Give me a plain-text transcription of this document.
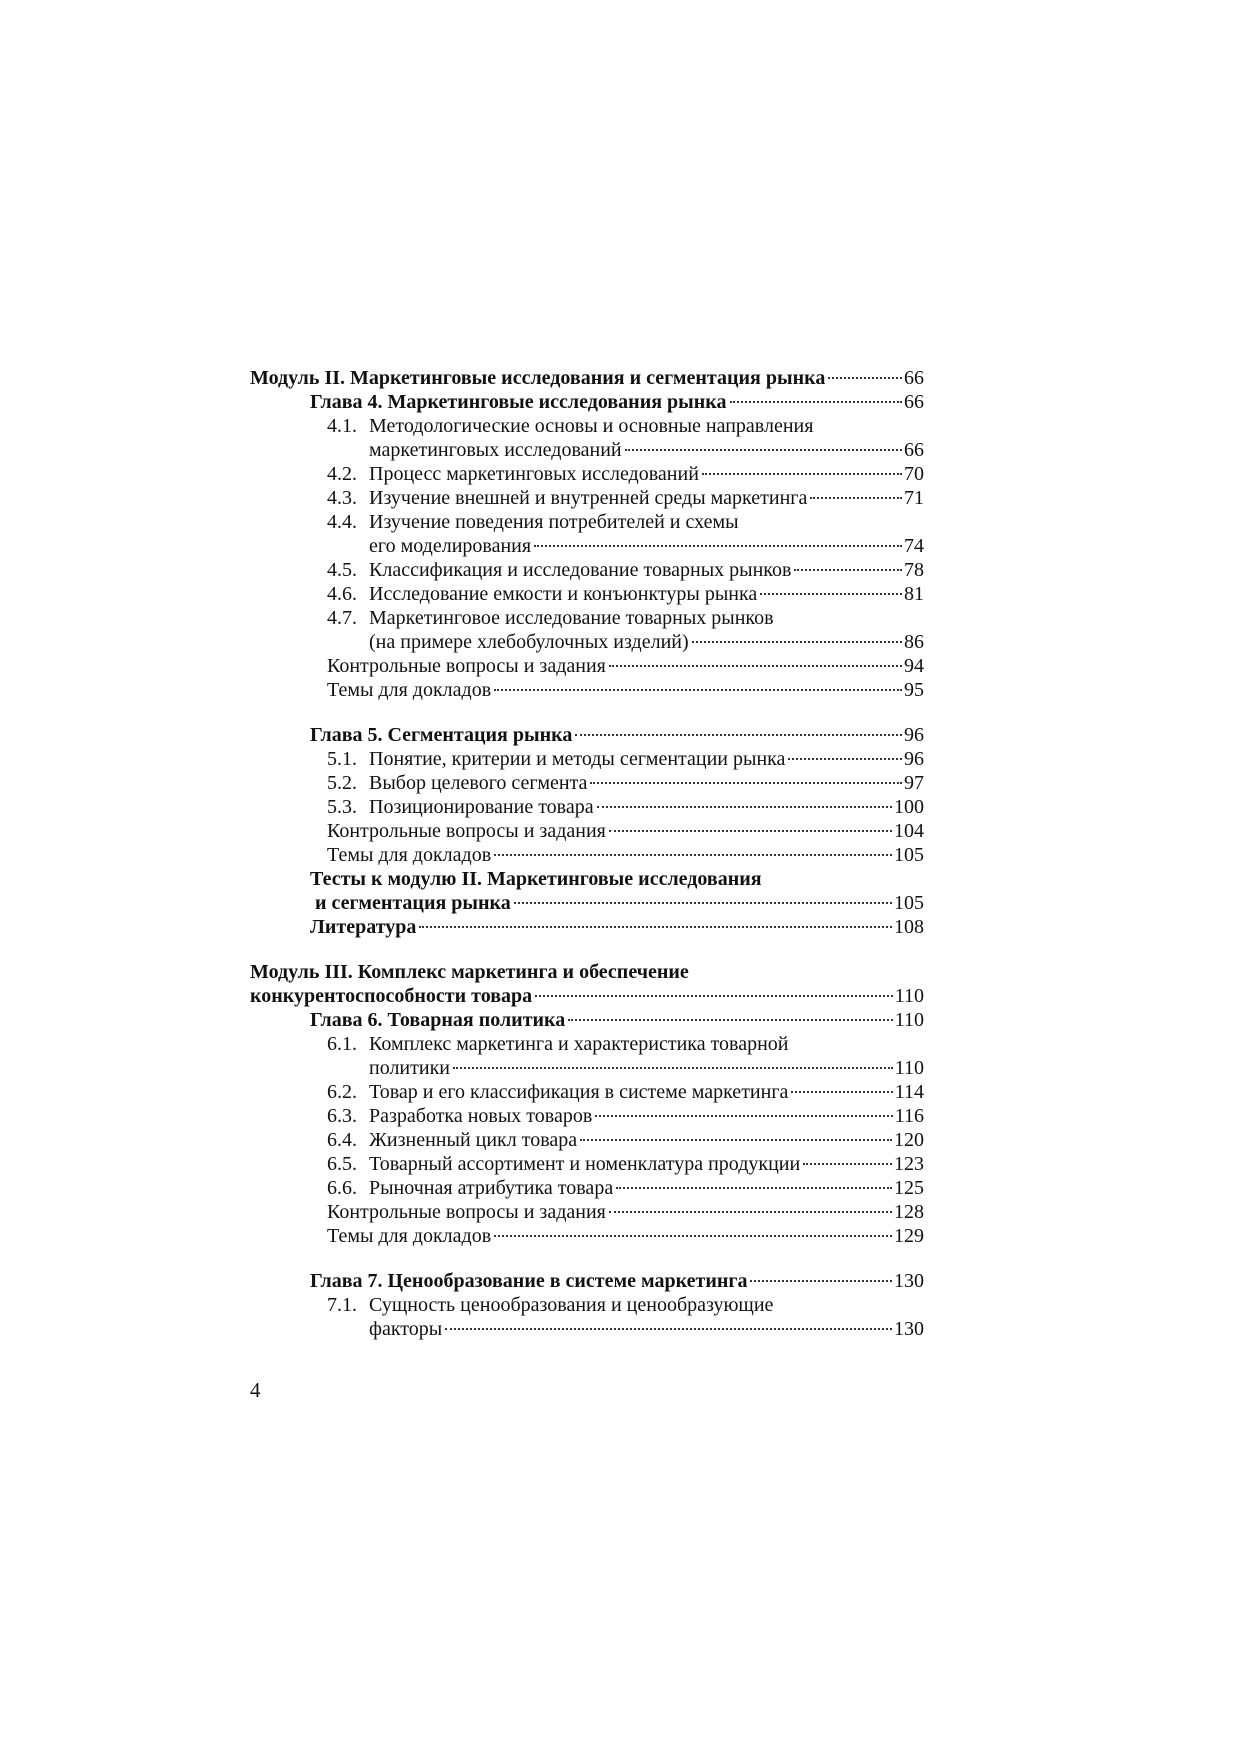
Модуль II. Маркетинговые исследования и сегментация рынка	66
Глава 4. Маркетинговые исследования рынка	66
4.1. Методологические основы и основные направления
маркетинговых исследований	66
4.2. Процесс маркетинговых исследований	70
4.3. Изучение внешней и внутренней среды маркетинга	71
4.4. Изучение поведения потребителей и схемы
его моделирования	74
4.5. Классификация и исследование товарных рынков	78
4.6. Исследование емкости и конъюнктуры рынка	81
4.7. Маркетинговое исследование товарных рынков
(на примере хлебобулочных изделий)	86
Контрольные вопросы и задания	94
Темы для докладов	95
Глава 5. Сегментация рынка	96
5.1. Понятие, критерии и методы сегментации рынка	96
5.2. Выбор целевого сегмента	97
5.3. Позиционирование товара	100
Контрольные вопросы и задания	104
Темы для докладов	105
Тесты к модулю II. Маркетинговые исследования
и сегментация рынка	105
Литература	108
Модуль III. Комплекс маркетинга и обеспечение
конкурентоспособности товара	110
Глава 6. Товарная политика	110
6.1. Комплекс маркетинга и характеристика товарной
политики	110
6.2. Товар и его классификация в системе маркетинга	114
6.3. Разработка новых товаров	116
6.4. Жизненный цикл товара	120
6.5. Товарный ассортимент и номенклатура продукции	123
6.6. Рыночная атрибутика товара	125
Контрольные вопросы и задания	128
Темы для докладов	129
Глава 7. Ценообразование в системе маркетинга	130
7.1. Сущность ценообразования и ценообразующие
факторы	130
4
